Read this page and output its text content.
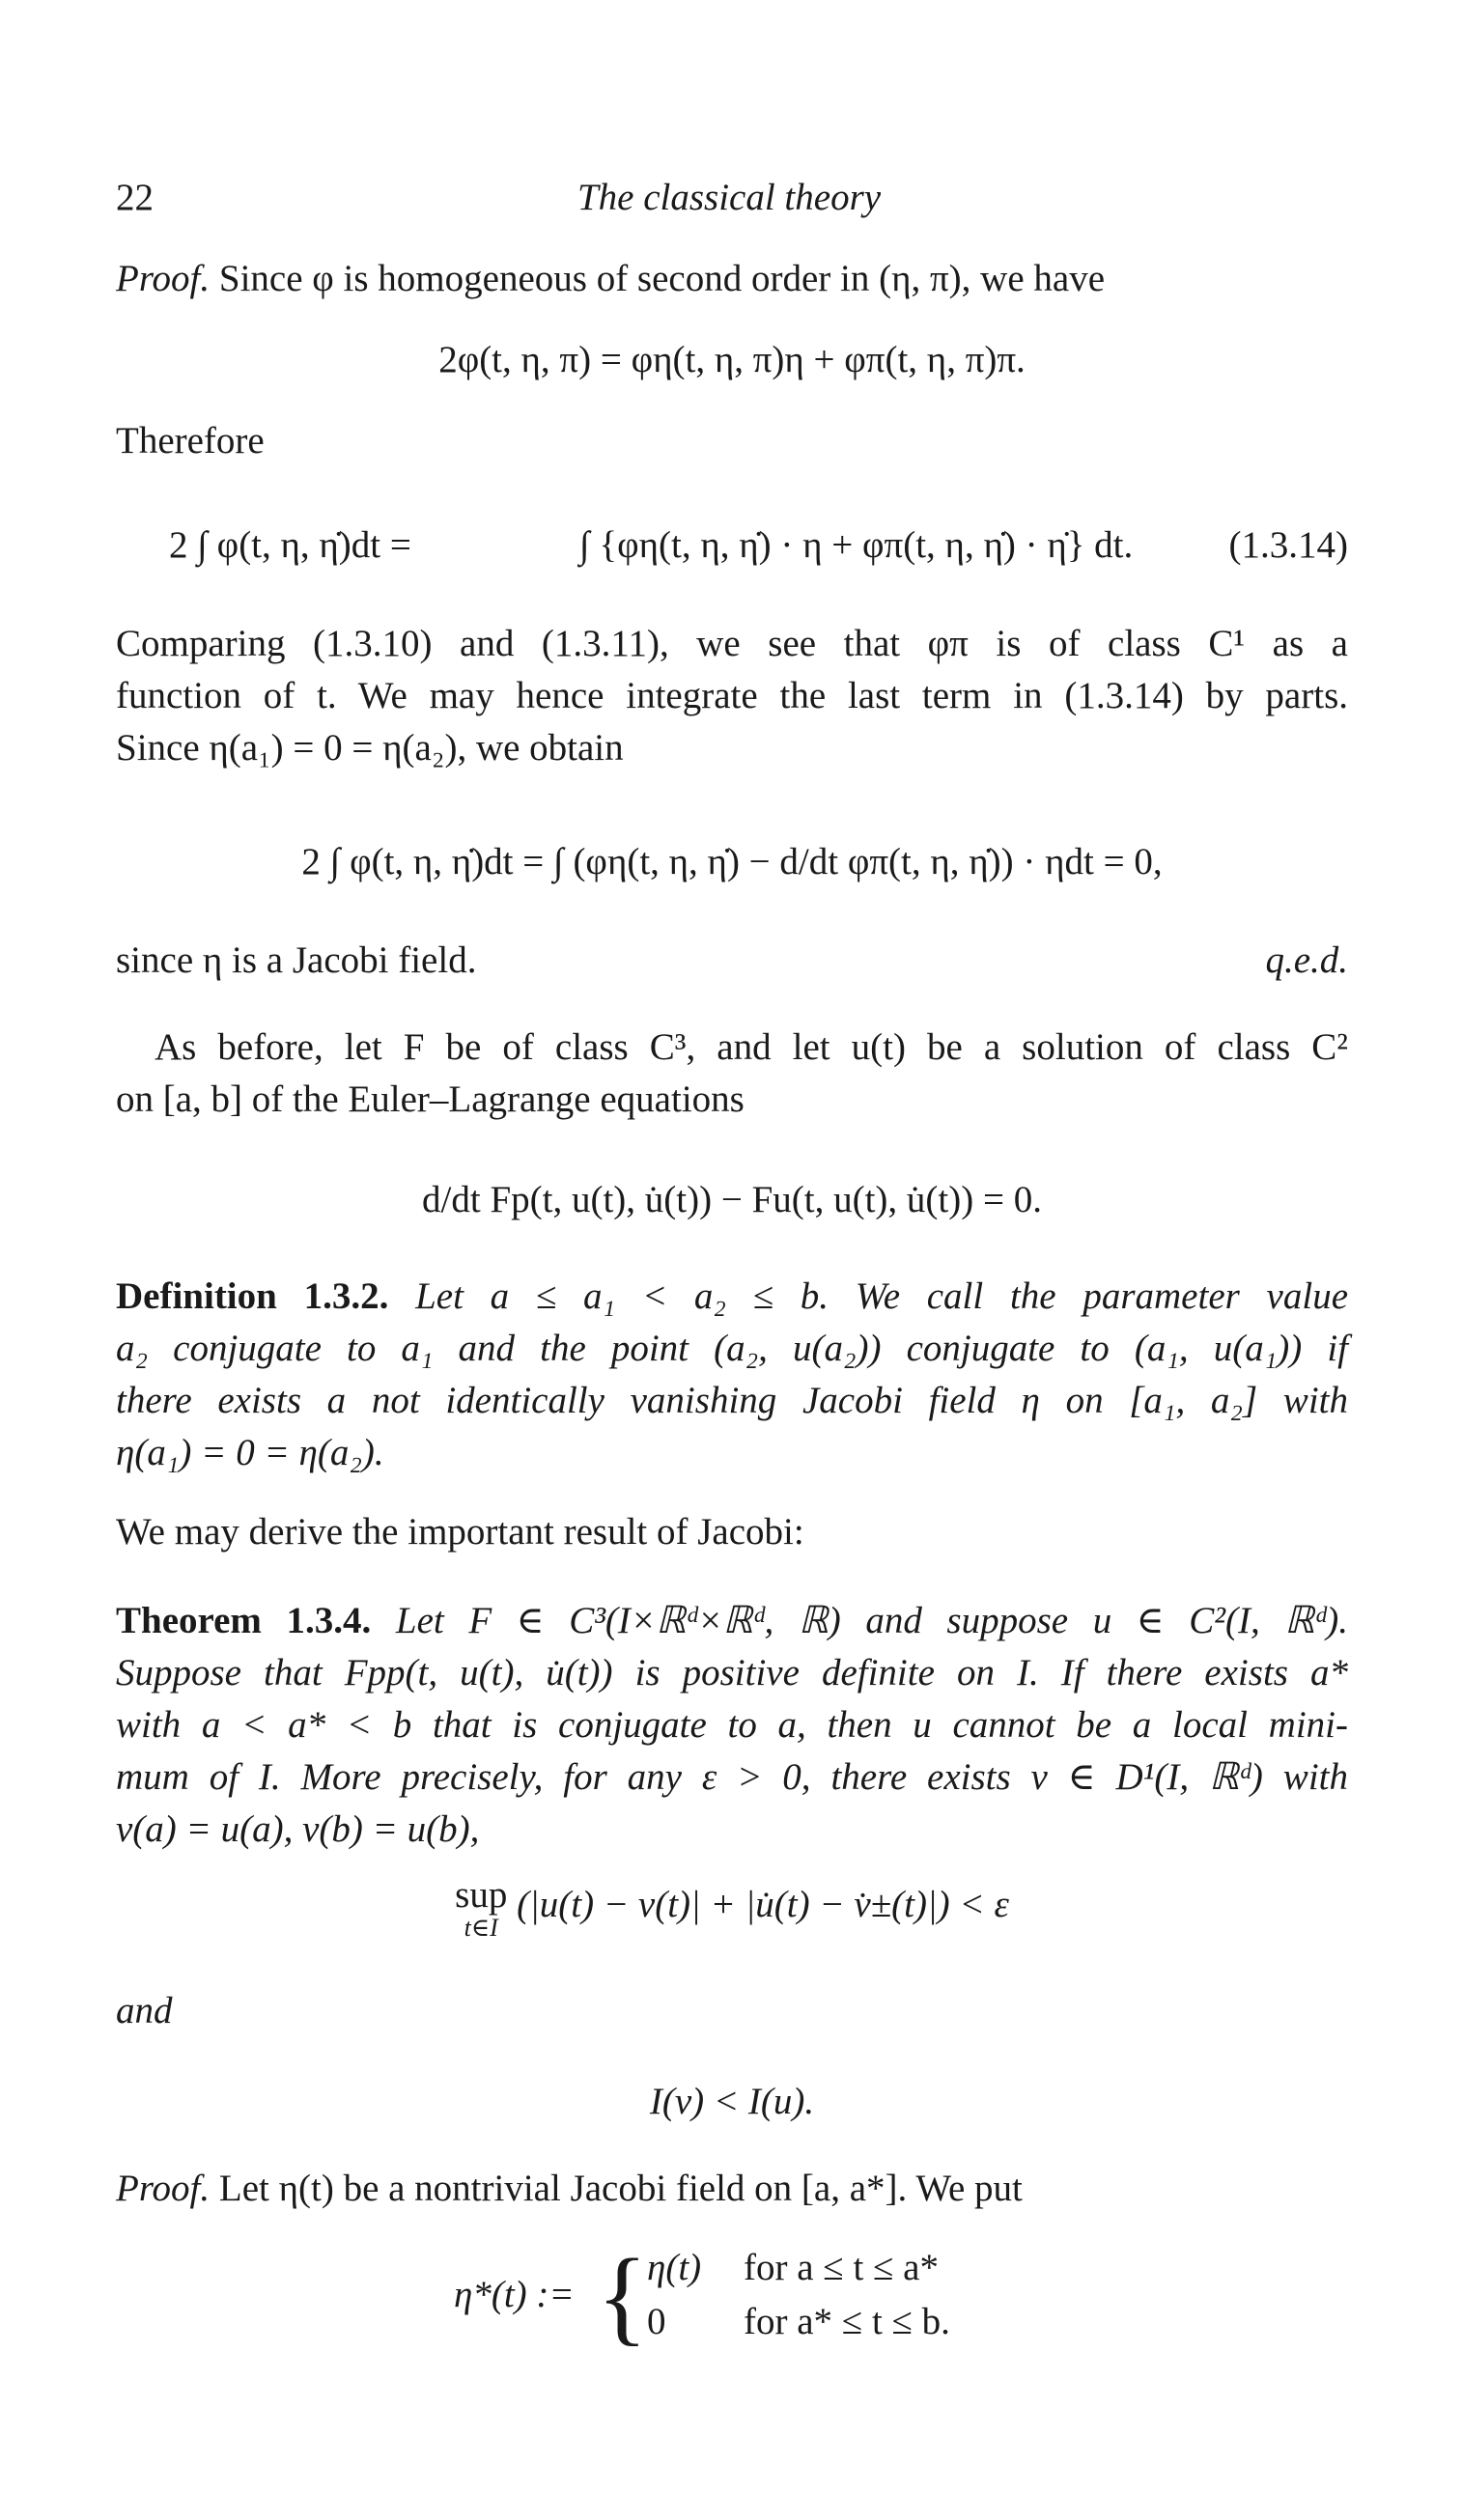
22	The classical theory
Proof. Since φ is homogeneous of second order in (η, π), we have
2φ(t, η, π) = φη(t, η, π)η + φπ(t, η, π)π.
Therefore
2 ∫ φ(t, η, η̇)dt =	∫ {φη(t, η, η̇) · η + φπ(t, η, η̇) · η̇} dt.	(1.3.14)
Comparing (1.3.10) and (1.3.11), we see that φπ is of class C¹ as a
function of t. We may hence integrate the last term in (1.3.14) by parts.
Since η(a₁) = 0 = η(a₂), we obtain
2 ∫ φ(t, η, η̇)dt = ∫ (φη(t, η, η̇) − d/dt φπ(t, η, η̇)) · ηdt = 0,
since η is a Jacobi field.	q.e.d.
As before, let F be of class C³, and let u(t) be a solution of class C²
on [a, b] of the Euler–Lagrange equations
d/dt Fp(t, u(t), u̇(t)) − Fu(t, u(t), u̇(t)) = 0.
Definition 1.3.2. Let a ≤ a₁ < a₂ ≤ b. We call the parameter value
a₂ conjugate to a₁ and the point (a₂, u(a₂)) conjugate to (a₁, u(a₁)) if
there exists a not identically vanishing Jacobi field η on [a₁, a₂] with
η(a₁) = 0 = η(a₂).
We may derive the important result of Jacobi:
Theorem 1.3.4. Let F ∈ C³(I×ℝᵈ×ℝᵈ, ℝ) and suppose u ∈ C²(I, ℝᵈ).
Suppose that Fpp(t, u(t), u̇(t)) is positive definite on I. If there exists a*
with a < a* < b that is conjugate to a, then u cannot be a local mini-
mum of I. More precisely, for any ε > 0, there exists v ∈ D¹(I, ℝᵈ) with
v(a) = u(a), v(b) = u(b),
sup
t∈I
(|u(t) − v(t)| + |u̇(t) − v̇±(t)|) < ε
and
I(v) < I(u).
Proof. Let η(t) be a nontrivial Jacobi field on [a, a*]. We put
η*(t) := { η(t) for a ≤ t ≤ a*
0 for a* ≤ t ≤ b.
